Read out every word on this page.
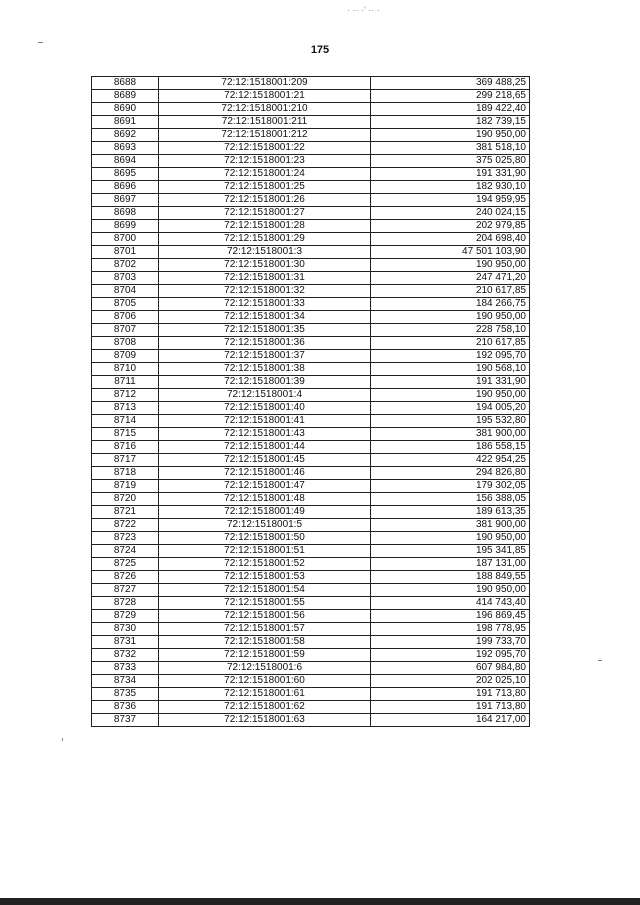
· ·· ·' ·· ·
175
8688	72:12:1518001:209	369 488,25
8689	72:12:1518001:21	299 218,65
8690	72:12:1518001:210	189 422,40
8691	72:12:1518001:211	182 739,15
8692	72:12:1518001:212	190 950,00
8693	72:12:1518001:22	381 518,10
8694	72:12:1518001:23	375 025,80
8695	72:12:1518001:24	191 331,90
8696	72:12:1518001:25	182 930,10
8697	72:12:1518001:26	194 959,95
8698	72:12:1518001:27	240 024,15
8699	72:12:1518001:28	202 979,85
8700	72:12:1518001:29	204 698,40
8701	72:12:1518001:3	47 501 103,90
8702	72:12:1518001:30	190 950,00
8703	72:12:1518001:31	247 471,20
8704	72:12:1518001:32	210 617,85
8705	72:12:1518001:33	184 266,75
8706	72:12:1518001:34	190 950,00
8707	72:12:1518001:35	228 758,10
8708	72:12:1518001:36	210 617,85
8709	72:12:1518001:37	192 095,70
8710	72:12:1518001:38	190 568,10
8711	72:12:1518001:39	191 331,90
8712	72:12:1518001:4	190 950,00
8713	72:12:1518001:40	194 005,20
8714	72:12:1518001:41	195 532,80
8715	72:12:1518001:43	381 900,00
8716	72:12:1518001:44	186 558,15
8717	72:12:1518001:45	422 954,25
8718	72:12:1518001:46	294 826,80
8719	72:12:1518001:47	179 302,05
8720	72:12:1518001:48	156 388,05
8721	72:12:1518001:49	189 613,35
8722	72:12:1518001:5	381 900,00
8723	72:12:1518001:50	190 950,00
8724	72:12:1518001:51	195 341,85
8725	72:12:1518001:52	187 131,00
8726	72:12:1518001:53	188 849,55
8727	72:12:1518001:54	190 950,00
8728	72:12:1518001:55	414 743,40
8729	72:12:1518001:56	196 869,45
8730	72:12:1518001:57	198 778,95
8731	72:12:1518001:58	199 733,70
8732	72:12:1518001:59	192 095,70
8733	72:12:1518001:6	607 984,80
8734	72:12:1518001:60	202 025,10
8735	72:12:1518001:61	191 713,80
8736	72:12:1518001:62	191 713,80
8737	72:12:1518001:63	164 217,00
